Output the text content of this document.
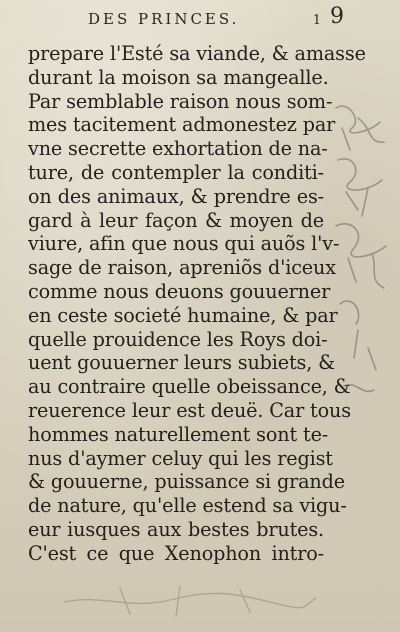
DES PRINCES.	1 9
prepare l'Esté sa viande, & amasse
durant la moison sa mangealle.
Par semblable raison nous som-
mes tacitement admonestez par
vne secrette exhortation de na-
ture, de contempler la conditi-
on des animaux, & prendre es-
gard à leur façon & moyen de
viure, afin que nous qui auõs l'v-
sage de raison, apreniõs d'iceux
comme nous deuons gouuerner
en ceste societé humaine, & par
quelle prouidence les Roys doi-
uent gouuerner leurs subiets, &
au contraire quelle obeissance, &
reuerence leur est deuë. Car tous
hommes naturellement sont te-
nus d'aymer celuy qui les regist
& gouuerne, puissance si grande
de nature, qu'elle estend sa vigu-
eur iusques aux bestes brutes.
C'est ce que Xenophon intro-
